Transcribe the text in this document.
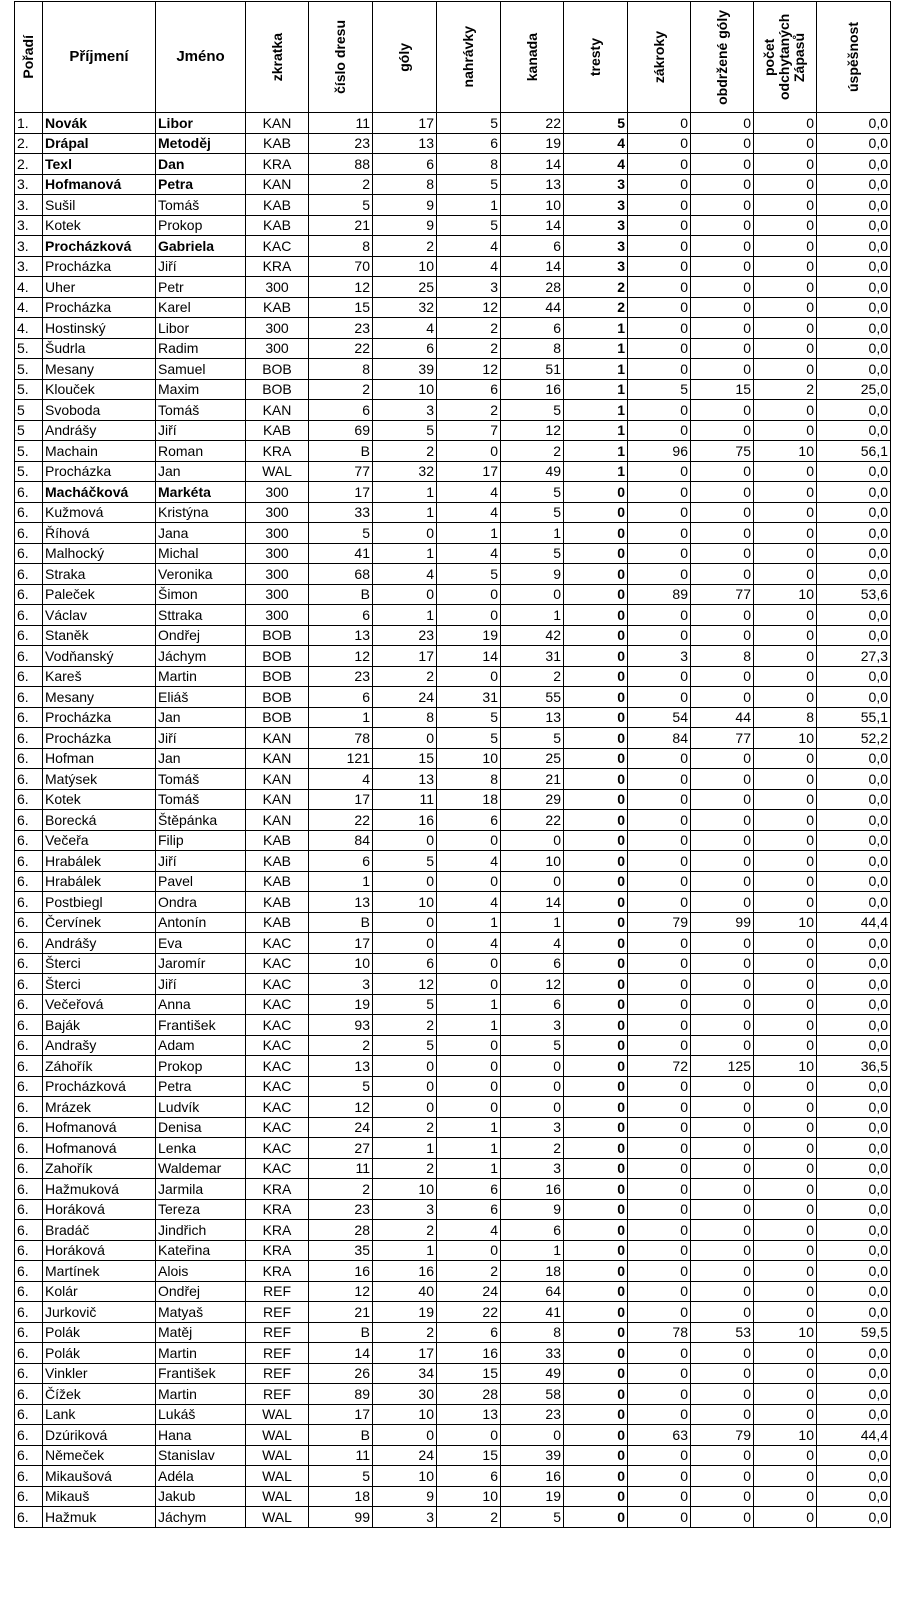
Pořadí	Příjmení	Jméno	zkratka	číslo dresu	góly	nahrávky	kanada	tresty	zákroky	obdržené góly	počet odchytaných Zápasů	úspěšnost

1.	Novák	Libor	KAN	11	17	5	22	5	0	0	0	0,0
2.	Drápal	Metoděj	KAB	23	13	6	19	4	0	0	0	0,0
2.	Texl	Dan	KRA	88	6	8	14	4	0	0	0	0,0
3.	Hofmanová	Petra	KAN	2	8	5	13	3	0	0	0	0,0
3.	Sušil	Tomáš	KAB	5	9	1	10	3	0	0	0	0,0
3.	Kotek	Prokop	KAB	21	9	5	14	3	0	0	0	0,0
3.	Procházková	Gabriela	KAC	8	2	4	6	3	0	0	0	0,0
3.	Procházka	Jiří	KRA	70	10	4	14	3	0	0	0	0,0
4.	Uher	Petr	300	12	25	3	28	2	0	0	0	0,0
4.	Procházka	Karel	KAB	15	32	12	44	2	0	0	0	0,0
4.	Hostinský	Libor	300	23	4	2	6	1	0	0	0	0,0
5.	Šudrla	Radim	300	22	6	2	8	1	0	0	0	0,0
5.	Mesany	Samuel	BOB	8	39	12	51	1	0	0	0	0,0
5.	Klouček	Maxim	BOB	2	10	6	16	1	5	15	2	25,0
5	Svoboda	Tomáš	KAN	6	3	2	5	1	0	0	0	0,0
5	Andrášy	Jiří	KAB	69	5	7	12	1	0	0	0	0,0
5.	Machain	Roman	KRA	B	2	0	2	1	96	75	10	56,1
5.	Procházka	Jan	WAL	77	32	17	49	1	0	0	0	0,0
6.	Macháčková	Markéta	300	17	1	4	5	0	0	0	0	0,0
6.	Kužmová	Kristýna	300	33	1	4	5	0	0	0	0	0,0
6.	Říhová	Jana	300	5	0	1	1	0	0	0	0	0,0
6.	Malhocký	Michal	300	41	1	4	5	0	0	0	0	0,0
6.	Straka	Veronika	300	68	4	5	9	0	0	0	0	0,0
6.	Paleček	Šimon	300	B	0	0	0	0	89	77	10	53,6
6.	Václav	Sttraka	300	6	1	0	1	0	0	0	0	0,0
6.	Staněk	Ondřej	BOB	13	23	19	42	0	0	0	0	0,0
6.	Vodňanský	Jáchym	BOB	12	17	14	31	0	3	8	0	27,3
6.	Kareš	Martin	BOB	23	2	0	2	0	0	0	0	0,0
6.	Mesany	Eliáš	BOB	6	24	31	55	0	0	0	0	0,0
6.	Procházka	Jan	BOB	1	8	5	13	0	54	44	8	55,1
6.	Procházka	Jiří	KAN	78	0	5	5	0	84	77	10	52,2
6.	Hofman	Jan	KAN	121	15	10	25	0	0	0	0	0,0
6.	Matýsek	Tomáš	KAN	4	13	8	21	0	0	0	0	0,0
6.	Kotek	Tomáš	KAN	17	11	18	29	0	0	0	0	0,0
6.	Borecká	Štěpánka	KAN	22	16	6	22	0	0	0	0	0,0
6.	Večeřa	Filip	KAB	84	0	0	0	0	0	0	0	0,0
6.	Hrabálek	Jiří	KAB	6	5	4	10	0	0	0	0	0,0
6.	Hrabálek	Pavel	KAB	1	0	0	0	0	0	0	0	0,0
6.	Postbiegl	Ondra	KAB	13	10	4	14	0	0	0	0	0,0
6.	Červínek	Antonín	KAB	B	0	1	1	0	79	99	10	44,4
6.	Andrášy	Eva	KAC	17	0	4	4	0	0	0	0	0,0
6.	Šterci	Jaromír	KAC	10	6	0	6	0	0	0	0	0,0
6.	Šterci	Jiří	KAC	3	12	0	12	0	0	0	0	0,0
6.	Večeřová	Anna	KAC	19	5	1	6	0	0	0	0	0,0
6.	Baják	František	KAC	93	2	1	3	0	0	0	0	0,0
6.	Andrašy	Adam	KAC	2	5	0	5	0	0	0	0	0,0
6.	Záhořík	Prokop	KAC	13	0	0	0	0	72	125	10	36,5
6.	Procházková	Petra	KAC	5	0	0	0	0	0	0	0	0,0
6.	Mrázek	Ludvík	KAC	12	0	0	0	0	0	0	0	0,0
6.	Hofmanová	Denisa	KAC	24	2	1	3	0	0	0	0	0,0
6.	Hofmanová	Lenka	KAC	27	1	1	2	0	0	0	0	0,0
6.	Zahořík	Waldemar	KAC	11	2	1	3	0	0	0	0	0,0
6.	Hažmuková	Jarmila	KRA	2	10	6	16	0	0	0	0	0,0
6.	Horáková	Tereza	KRA	23	3	6	9	0	0	0	0	0,0
6.	Bradáč	Jindřich	KRA	28	2	4	6	0	0	0	0	0,0
6.	Horáková	Kateřina	KRA	35	1	0	1	0	0	0	0	0,0
6.	Martínek	Alois	KRA	16	16	2	18	0	0	0	0	0,0
6.	Kolár	Ondřej	REF	12	40	24	64	0	0	0	0	0,0
6.	Jurkovič	Matyaš	REF	21	19	22	41	0	0	0	0	0,0
6.	Polák	Matěj	REF	B	2	6	8	0	78	53	10	59,5
6.	Polák	Martin	REF	14	17	16	33	0	0	0	0	0,0
6.	Vinkler	František	REF	26	34	15	49	0	0	0	0	0,0
6.	Čížek	Martin	REF	89	30	28	58	0	0	0	0	0,0
6.	Lank	Lukáš	WAL	17	10	13	23	0	0	0	0	0,0
6.	Dzúriková	Hana	WAL	B	0	0	0	0	63	79	10	44,4
6.	Němeček	Stanislav	WAL	11	24	15	39	0	0	0	0	0,0
6.	Mikaušová	Adéla	WAL	5	10	6	16	0	0	0	0	0,0
6.	Mikauš	Jakub	WAL	18	9	10	19	0	0	0	0	0,0
6.	Hažmuk	Jáchym	WAL	99	3	2	5	0	0	0	0	0,0
